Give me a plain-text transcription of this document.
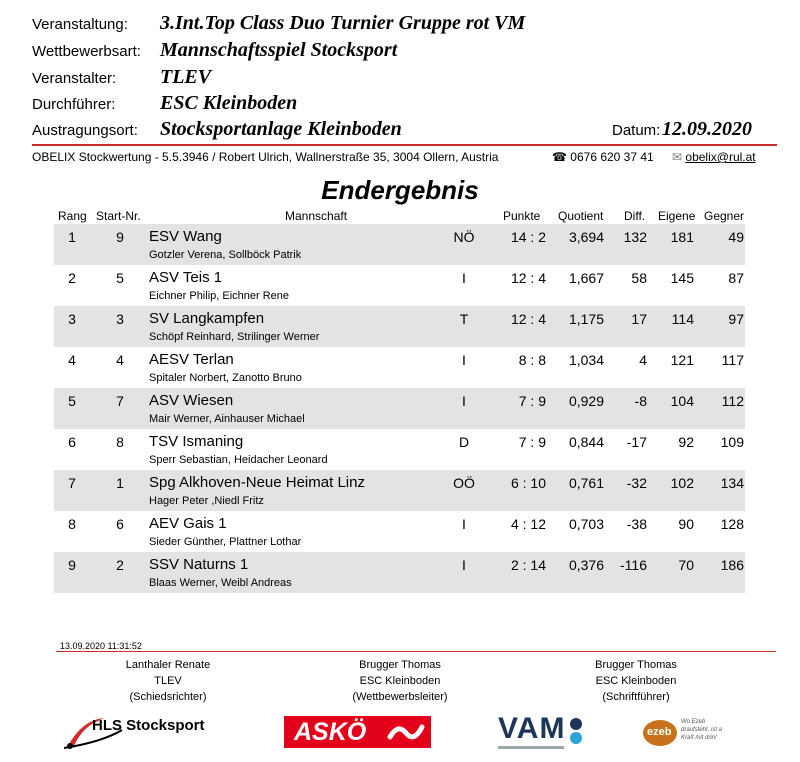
Veranstaltung: 3.Int.Top Class Duo Turnier Gruppe rot VM
Wettbewerbsart: Mannschaftsspiel Stocksport
Veranstalter: TLEV
Durchführer: ESC Kleinboden
Austragungsort: Stocksportanlage Kleinboden	Datum: 12.09.2020
OBELIX Stockwertung - 5.5.3946 / Robert Ulrich, Wallnerstraße 35, 3004 Ollern, Austria	☎ 0676 620 37 41 ✉ obelix@rul.at
Endergebnis
Rang Start-Nr.	Mannschaft	Punkte Quotient Diff. Eigene Gegner
1	9	ESV Wang
Gotzler Verena, Sollböck Patrik
NÖ	14 : 2	3,694	132	181	49
2	5	ASV Teis 1
Eichner Philip, Eichner Rene
I	12 : 4	1,667	58	145	87
3	3	SV Langkampfen
Schöpf Reinhard, Strilinger Werner
T	12 : 4	1,175	17	114	97
4	4	AESV Terlan
Spitaler Norbert, Zanotto Bruno
I	8 : 8	1,034	4	121	117
5	7	ASV Wiesen
Mair Werner, Ainhauser Michael
I	7 : 9	0,929	-8	104	112
6	8	TSV Ismaning
Sperr Sebastian, Heidacher Leonard
D	7 : 9	0,844	-17	92	109
7	1	Spg Alkhoven-Neue Heimat Linz
Hager Peter ,Niedl Fritz
OÖ	6 : 10	0,761	-32	102	134
8	6	AEV Gais 1
Sieder Günther, Plattner Lothar
I	4 : 12	0,703	-38	90	128
9	2	SSV Naturns 1
Blaas Werner, Weibl Andreas
I	2 : 14	0,376	-116	70	186
13.09.2020 11:31:52
Lanthaler Renate
TLEV
(Schiedsrichter)
Brugger Thomas
ESC Kleinboden
(Wettbewerbsleiter)
Brugger Thomas
ESC Kleinboden
(Schriftführer)
HLS Stocksport	ASKÖ	VAM	ezeb
Wo Ezeb draufsteht, ist a Kraft mit drin!
